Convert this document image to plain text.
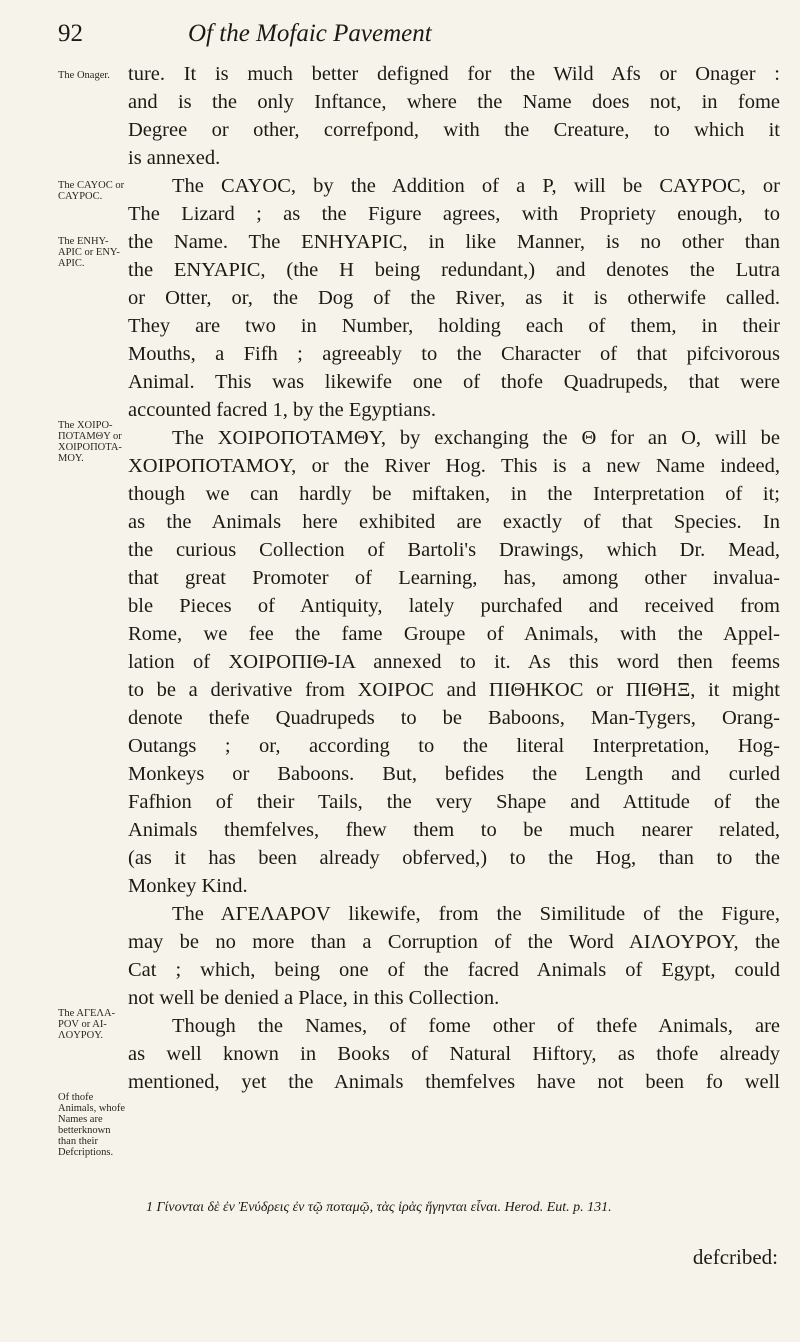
92	Of the Mofaic Pavement
The Onager.
The CAYOC or CAYPOC.
The ENHY-APIC or ENY-APIC.
The XOIPO-ΠOTAMΘY or XOIPOΠOTA-MOY.
The AΓEΛA-POV or AI-ΛOYPOY.
Of thofe Animals, whofe Names are betterknown than their Defcriptions.
ture. It is much better defigned for the Wild Afs or Onager :
and is the only Inftance, where the Name does not, in fome
Degree or other, correfpond, with the Creature, to which it
is annexed.
The CAYOC, by the Addition of a P, will be CAYPOC, or
The Lizard ; as the Figure agrees, with Propriety enough, to
the Name. The ENHYAPIC, in like Manner, is no other than
the ENYAPIC, (the H being redundant,) and denotes the Lutra
or Otter, or, the Dog of the River, as it is otherwife called.
They are two in Number, holding each of them, in their
Mouths, a Fifh ; agreeably to the Character of that pifcivorous
Animal. This was likewife one of thofe Quadrupeds, that were
accounted facred 1, by the Egyptians.
The XOIPOΠOTAMΘY, by exchanging the Θ for an O, will be
XOIPOΠOTAMOY, or the River Hog. This is a new Name indeed,
though we can hardly be miftaken, in the Interpretation of it;
as the Animals here exhibited are exactly of that Species. In
the curious Collection of Bartoli's Drawings, which Dr. Mead,
that great Promoter of Learning, has, among other invalua-
ble Pieces of Antiquity, lately purchafed and received from
Rome, we fee the fame Groupe of Animals, with the Appel-
lation of XOIPOΠIΘ-IA annexed to it. As this word then feems
to be a derivative from XOIPOC and ΠIΘHKOC or ΠIΘHΞ, it might
denote thefe Quadrupeds to be Baboons, Man-Tygers, Orang-
Outangs ; or, according to the literal Interpretation, Hog-
Monkeys or Baboons. But, befides the Length and curled
Fafhion of their Tails, the very Shape and Attitude of the
Animals themfelves, fhew them to be much nearer related,
(as it has been already obferved,) to the Hog, than to the
Monkey Kind.
The AΓEΛAPOV likewife, from the Similitude of the Figure,
may be no more than a Corruption of the Word AIΛOYPOY, the
Cat ; which, being one of the facred Animals of Egypt, could
not well be denied a Place, in this Collection.
Though the Names, of fome other of thefe Animals, are
as well known in Books of Natural Hiftory, as thofe already
mentioned, yet the Animals themfelves have not been fo well
1 Γίνονται δὲ ἐν Ἐνύδρεις ἐν τῷ ποταμῷ, τὰς ἱρὰς ἥγηνται εἶναι. Herod. Eut. p. 131.
defcribed:
